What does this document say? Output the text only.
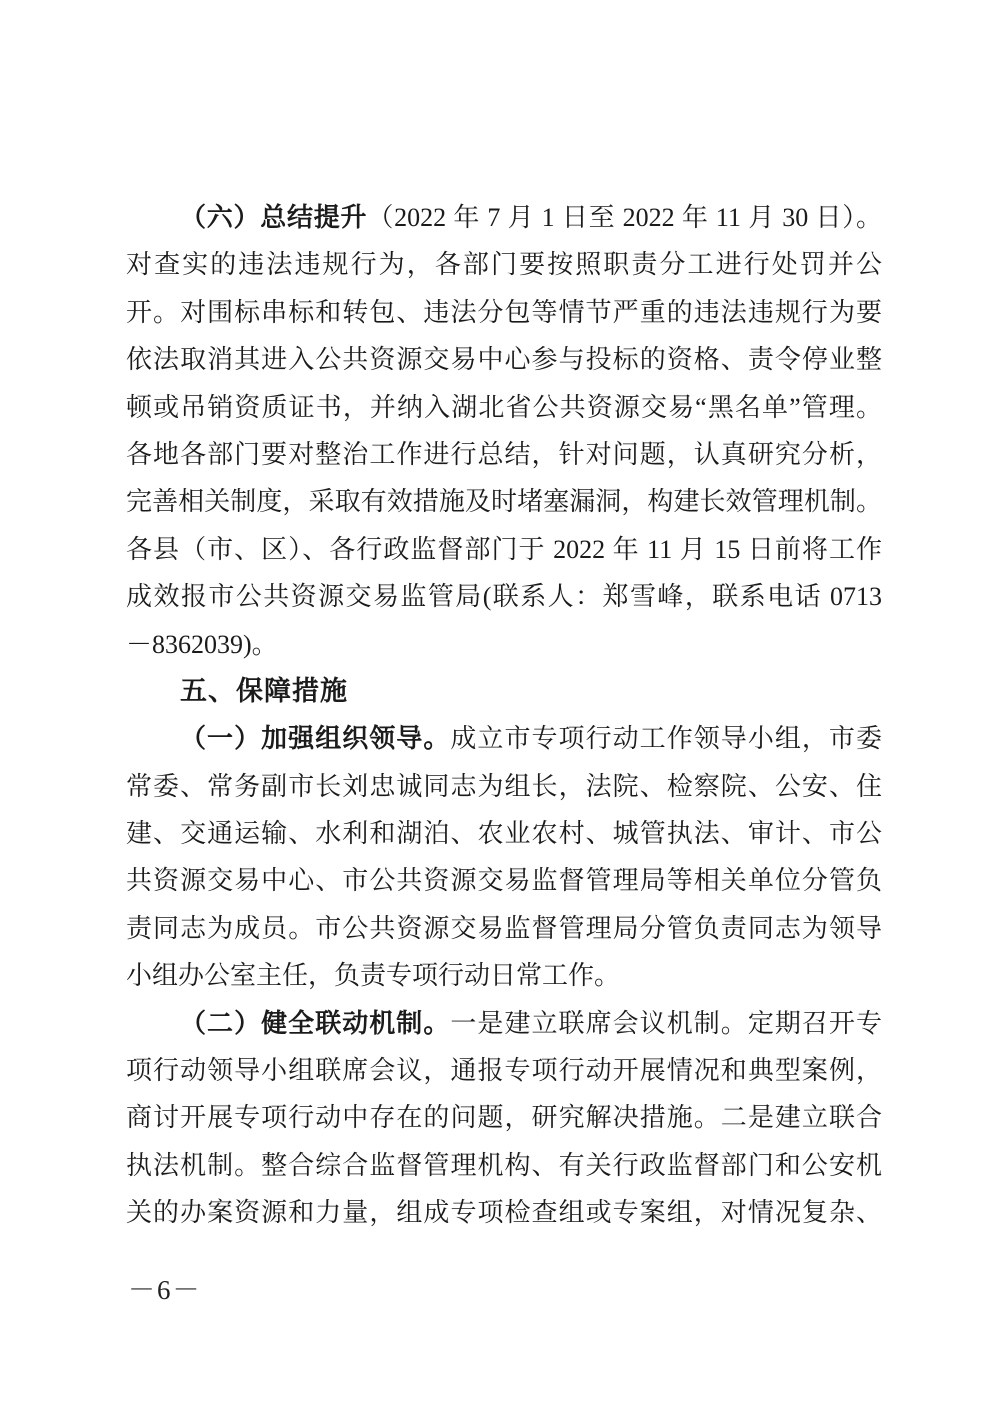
（六）总结提升（2022 年 7 月 1 日至 2022 年 11 月 30 日）。
对查实的违法违规行为，各部门要按照职责分工进行处罚并公
开。对围标串标和转包、违法分包等情节严重的违法违规行为要
依法取消其进入公共资源交易中心参与投标的资格、责令停业整
顿或吊销资质证书，并纳入湖北省公共资源交易“黑名单”管理。
各地各部门要对整治工作进行总结，针对问题，认真研究分析，
完善相关制度，采取有效措施及时堵塞漏洞，构建长效管理机制。
各县（市、区）、各行政监督部门于 2022 年 11 月 15 日前将工作
成效报市公共资源交易监管局(联系人：郑雪峰，联系电话 0713
－8362039)。
五、保障措施
（一）加强组织领导。成立市专项行动工作领导小组，市委
常委、常务副市长刘忠诚同志为组长，法院、检察院、公安、住
建、交通运输、水利和湖泊、农业农村、城管执法、审计、市公
共资源交易中心、市公共资源交易监督管理局等相关单位分管负
责同志为成员。市公共资源交易监督管理局分管负责同志为领导
小组办公室主任，负责专项行动日常工作。
（二）健全联动机制。一是建立联席会议机制。定期召开专
项行动领导小组联席会议，通报专项行动开展情况和典型案例，
商讨开展专项行动中存在的问题，研究解决措施。二是建立联合
执法机制。整合综合监督管理机构、有关行政监督部门和公安机
关的办案资源和力量，组成专项检查组或专案组，对情况复杂、
－6－
